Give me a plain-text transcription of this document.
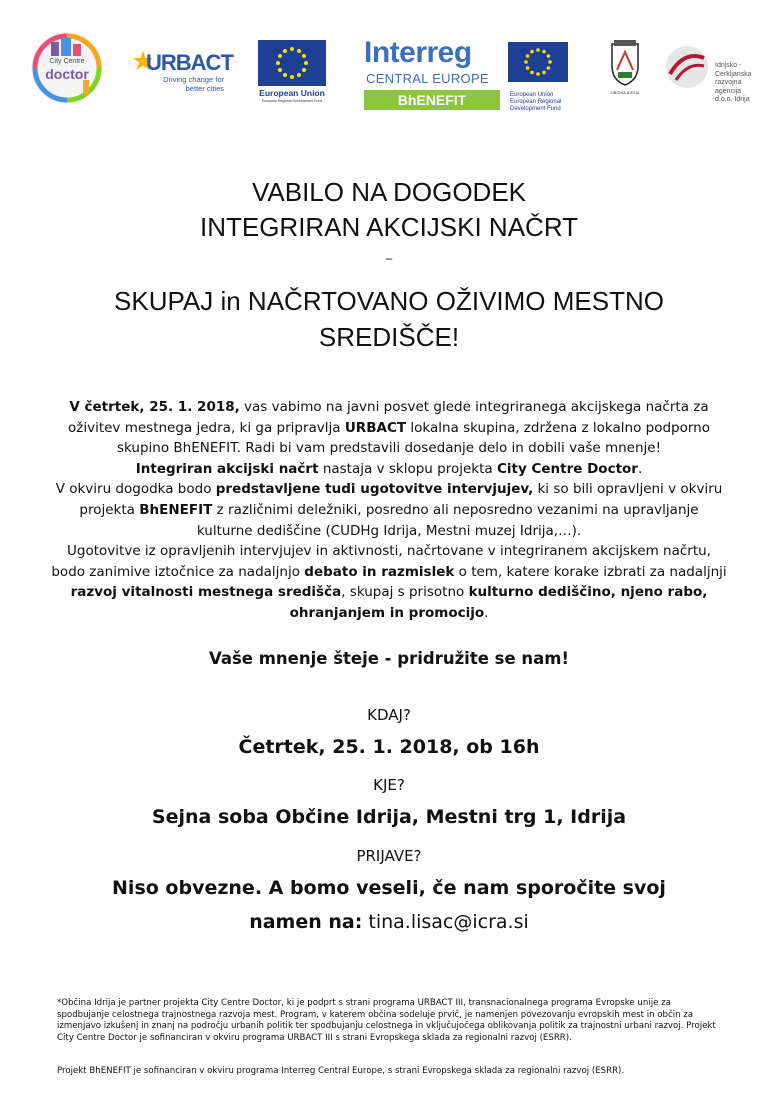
City Centre
doctor	URBACT
Driving change for
better cities	European Union
European Regional Development Fund
Interreg
CENTRAL EUROPE
BhENEFIT	European Union
European Regional
Development Fund
OBČINA IDRIJA
Idrijsko -
Cerkljanska
razvojna
agencija
d.o.o. Idrija
VABILO NA DOGODEK
INTEGRIRAN AKCIJSKI NAČRT
–
SKUPAJ in NAČRTOVANO OŽIVIMO MESTNO
SREDIŠČE!
V četrtek, 25. 1. 2018, vas vabimo na javni posvet glede integriranega akcijskega načrta za oživitev mestnega jedra, ki ga pripravlja URBACT lokalna skupina, zdržena z lokalno podporno skupino BhENEFIT. Radi bi vam predstavili dosedanje delo in dobili vaše mnenje!
Integriran akcijski načrt nastaja v sklopu projekta City Centre Doctor.
V okviru dogodka bodo predstavljene tudi ugotovitve intervjujev, ki so bili opravljeni v okviru projekta BhENEFIT z različnimi deležniki, posredno ali neposredno vezanimi na upravljanje kulturne dediščine (CUDHg Idrija, Mestni muzej Idrija,…).
Ugotovitve iz opravljenih intervjujev in aktivnosti, načrtovane v integriranem akcijskem načrtu, bodo zanimive iztočnice za nadaljnjo debato in razmislek o tem, katere korake izbrati za nadaljnji razvoj vitalnosti mestnega središča, skupaj s prisotno kulturno dediščino, njeno rabo, ohranjanjem in promocijo.
Vaše mnenje šteje - pridružite se nam!
KDAJ?
Četrtek, 25. 1. 2018, ob 16h
KJE?
Sejna soba Občine Idrija, Mestni trg 1, Idrija
PRIJAVE?
Niso obvezne. A bomo veseli, če nam sporočite svoj
namen na: tina.lisac@icra.si
*Občina Idrija je partner projekta City Centre Doctor, ki je podprt s strani programa URBACT III, transnacionalnega programa Evropske unije za spodbujanje celostnega trajnostnega razvoja mest. Program, v katerem občina sodeluje prvič, je namenjen povezovanju evropskih mest in občin za izmenjavo izkušenj in znanj na področju urbanih politik ter spodbujanju celostnega in vključujočega oblikovanja politik za trajnostni urbani razvoj. Projekt City Centre Doctor je sofinanciran v okviru programa URBACT III s strani Evropskega sklada za regionalni razvoj (ESRR).
Projekt BhENEFIT je sofinanciran v okviru programa Interreg Central Europe, s strani Evropskega sklada za regionalni razvoj (ESRR).
